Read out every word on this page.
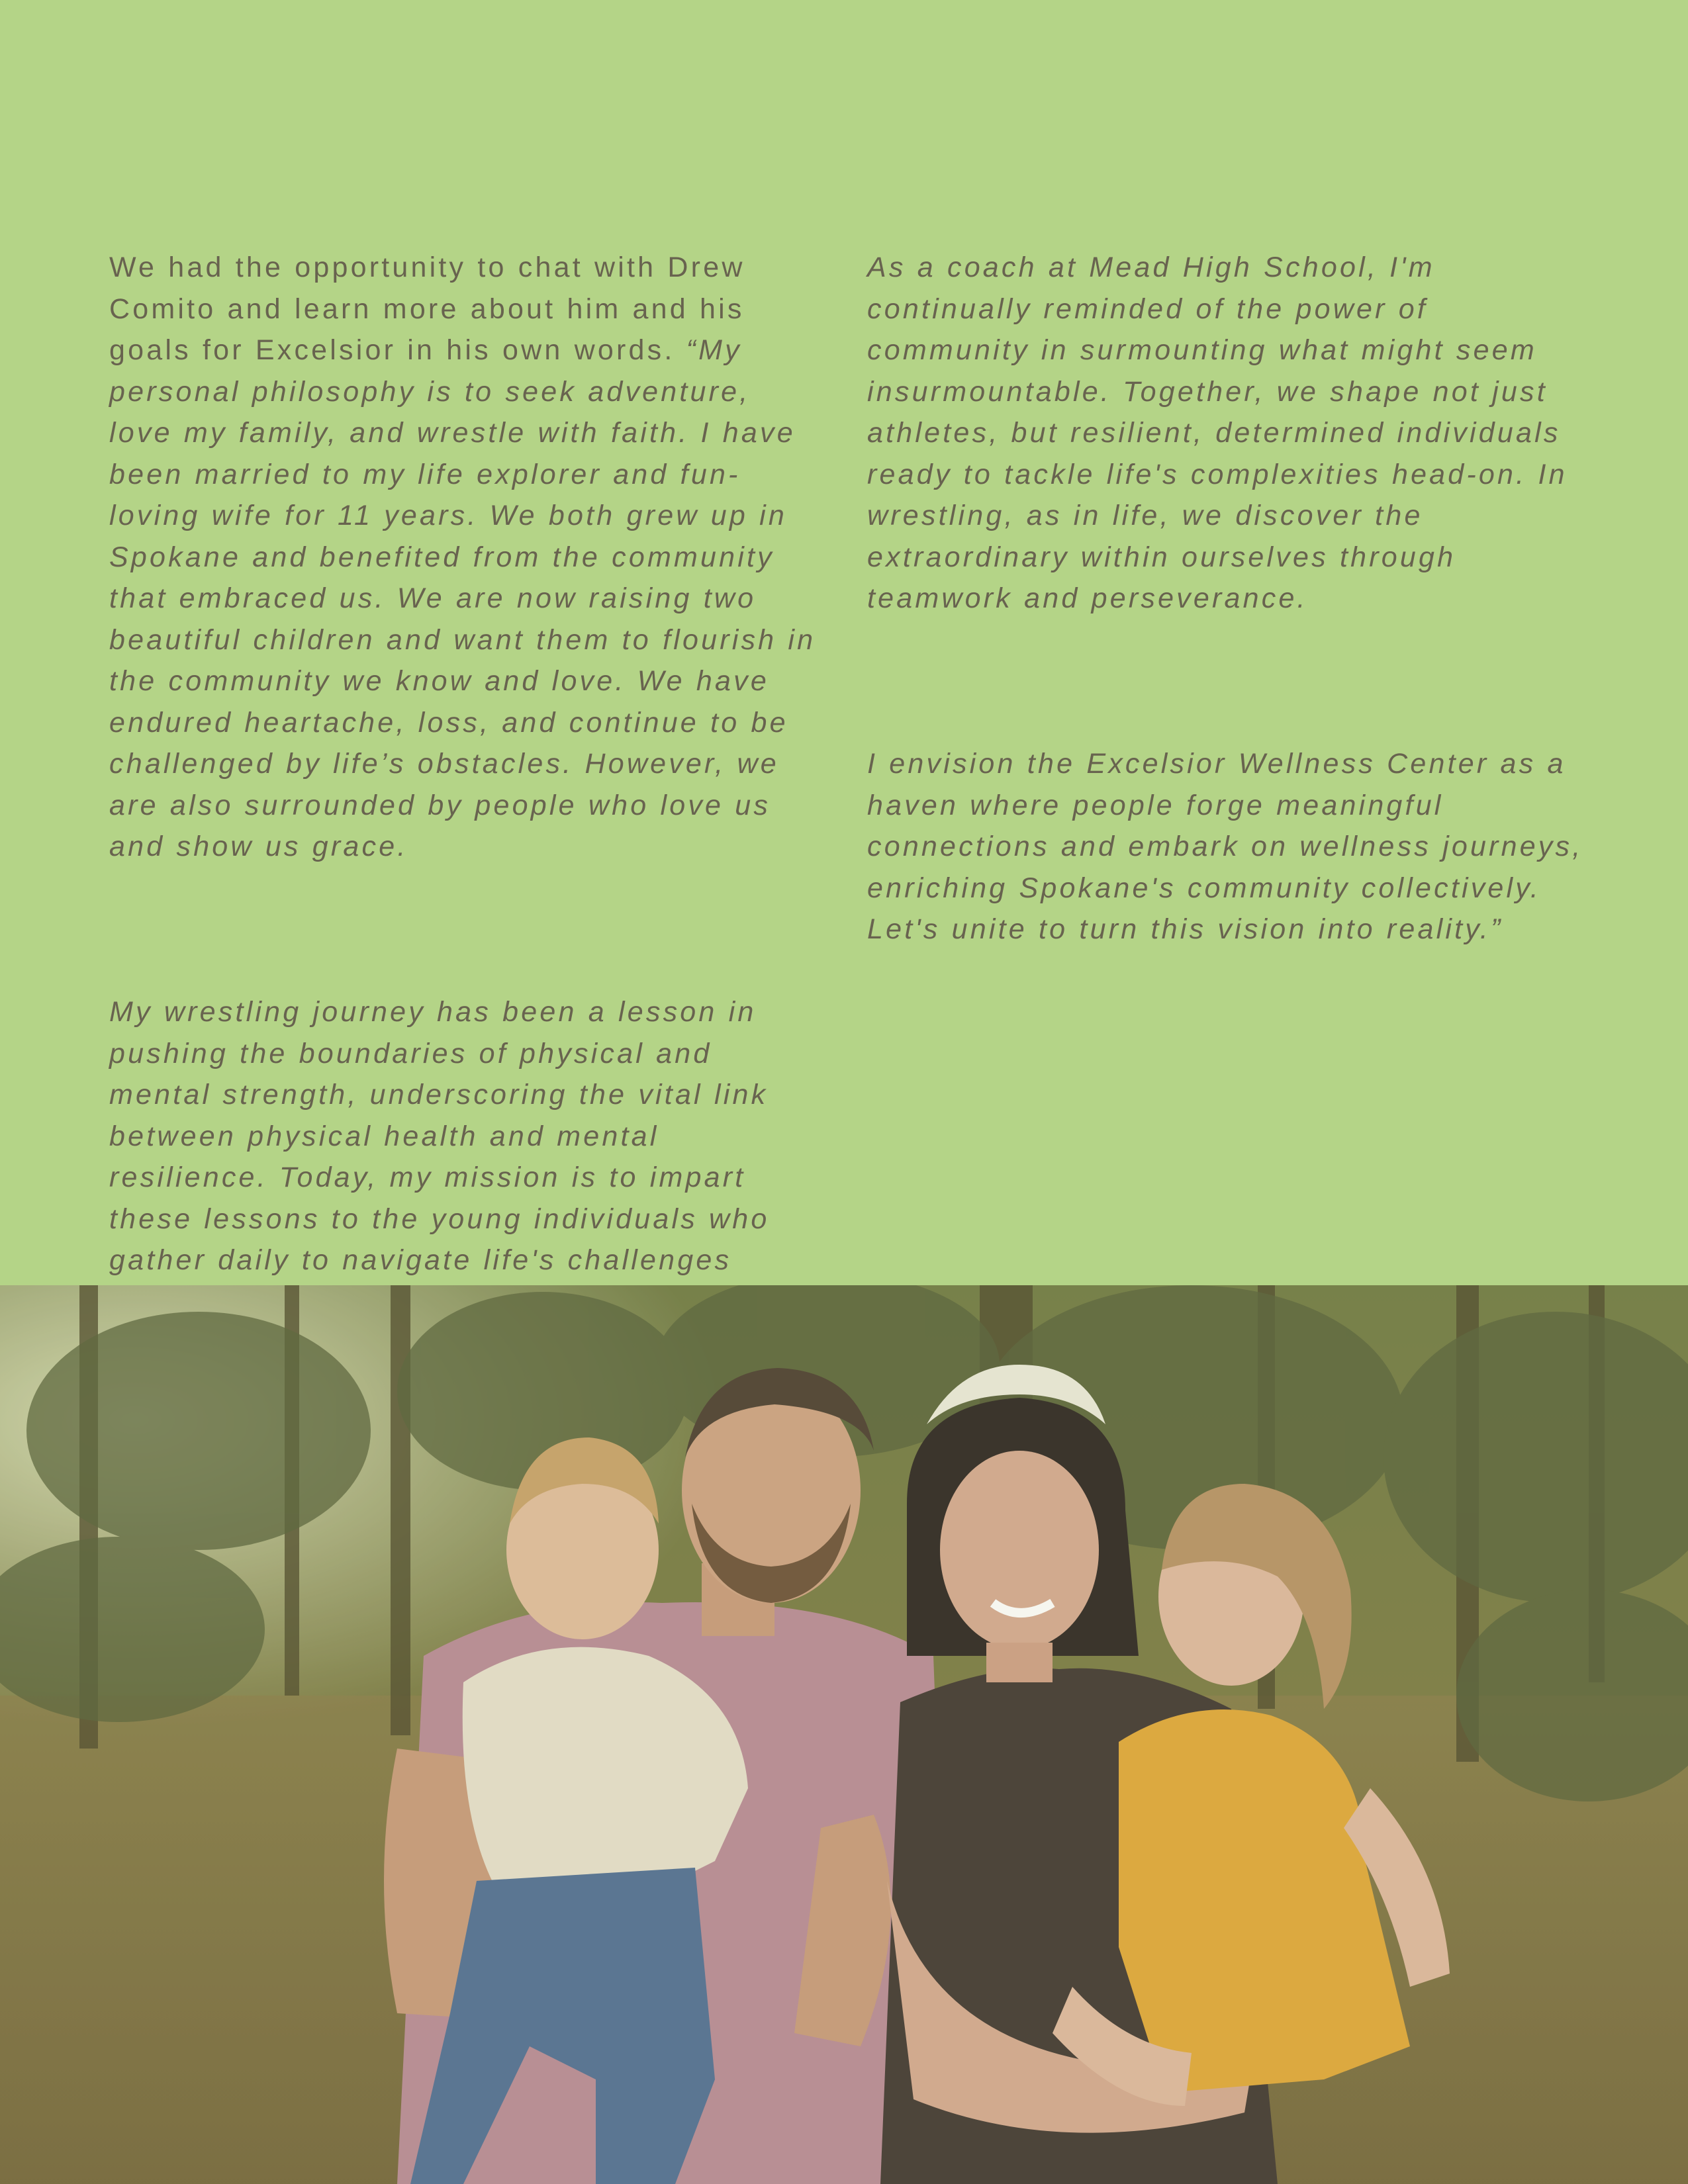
We had the opportunity to chat with Drew Comito and learn more about him and his goals for Excelsior in his own words. “My personal philosophy is to seek adventure, love my family, and wrestle with faith. I have been married to my life explorer and fun-loving wife for 11 years. We both grew up in Spokane and benefited from the community that embraced us. We are now raising two beautiful children and want them to flourish in the community we know and love. We have endured heartache, loss, and continue to be challenged by life’s obstacles. However, we are also surrounded by people who love us and show us grace.

My wrestling journey has been a lesson in pushing the boundaries of physical and mental strength, underscoring the vital link between physical health and mental resilience. Today, my mission is to impart these lessons to the young individuals who gather daily to navigate life's challenges

As a coach at Mead High School, I'm continually reminded of the power of community in surmounting what might seem insurmountable. Together, we shape not just athletes, but resilient, determined individuals ready to tackle life's complexities head-on. In wrestling, as in life, we discover the extraordinary within ourselves through teamwork and perseverance.

I envision the Excelsior Wellness Center as a haven where people forge meaningful connections and embark on wellness journeys, enriching Spokane's community collectively. Let's unite to turn this vision into reality.”
